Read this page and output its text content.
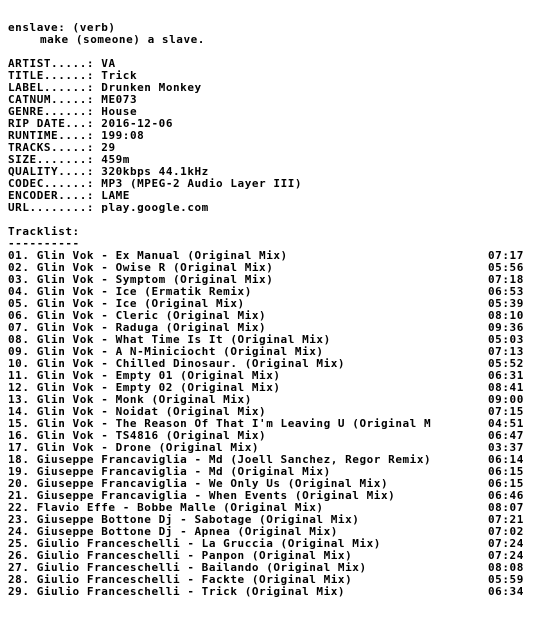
enslave: (verb)
make (someone) a slave.
ARTIST.....: VA
TITLE......: Trick
LABEL......: Drunken Monkey
CATNUM.....: ME073
GENRE......: House
RIP DATE...: 2016-12-06
RUNTIME....: 199:08
TRACKS.....: 29
SIZE.......: 459m
QUALITY....: 320kbps 44.1kHz
CODEC......: MP3 (MPEG-2 Audio Layer III)
ENCODER....: LAME
URL........: play.google.com
Tracklist:
----------
01. Glin Vok - Ex Manual (Original Mix)	07:17
02. Glin Vok - Owise R (Original Mix)	05:56
03. Glin Vok - Symptom (Original Mix)	07:18
04. Glin Vok - Ice (Ermatik Remix)	06:53
05. Glin Vok - Ice (Original Mix)	05:39
06. Glin Vok - Cleric (Original Mix)	08:10
07. Glin Vok - Raduga (Original Mix)	09:36
08. Glin Vok - What Time Is It (Original Mix)	05:03
09. Glin Vok - A N-Miniciocht (Original Mix)	07:13
10. Glin Vok - Chilled Dinosaur. (Original Mix)	05:52
11. Glin Vok - Empty 01 (Original Mix)	06:31
12. Glin Vok - Empty 02 (Original Mix)	08:41
13. Glin Vok - Monk (Original Mix)	09:00
14. Glin Vok - Noidat (Original Mix)	07:15
15. Glin Vok - The Reason Of That I'm Leaving U (Original M	04:51
16. Glin Vok - TS4816 (Original Mix)	06:47
17. Glin Vok - Drone (Original Mix)	03:37
18. Giuseppe Francaviglia - Md (Joell Sanchez, Regor Remix)	06:14
19. Giuseppe Francaviglia - Md (Original Mix)	06:15
20. Giuseppe Francaviglia - We Only Us (Original Mix)	06:15
21. Giuseppe Francaviglia - When Events (Original Mix)	06:46
22. Flavio Effe - Bobbe Malle (Original Mix)	08:07
23. Giuseppe Bottone Dj - Sabotage (Original Mix)	07:21
24. Giuseppe Bottone Dj - Apnea (Original Mix)	07:02
25. Giulio Franceschelli - La Gruccia (Original Mix)	07:24
26. Giulio Franceschelli - Panpon (Original Mix)	07:24
27. Giulio Franceschelli - Bailando (Original Mix)	08:08
28. Giulio Franceschelli - Fackte (Original Mix)	05:59
29. Giulio Franceschelli - Trick (Original Mix)	06:34
